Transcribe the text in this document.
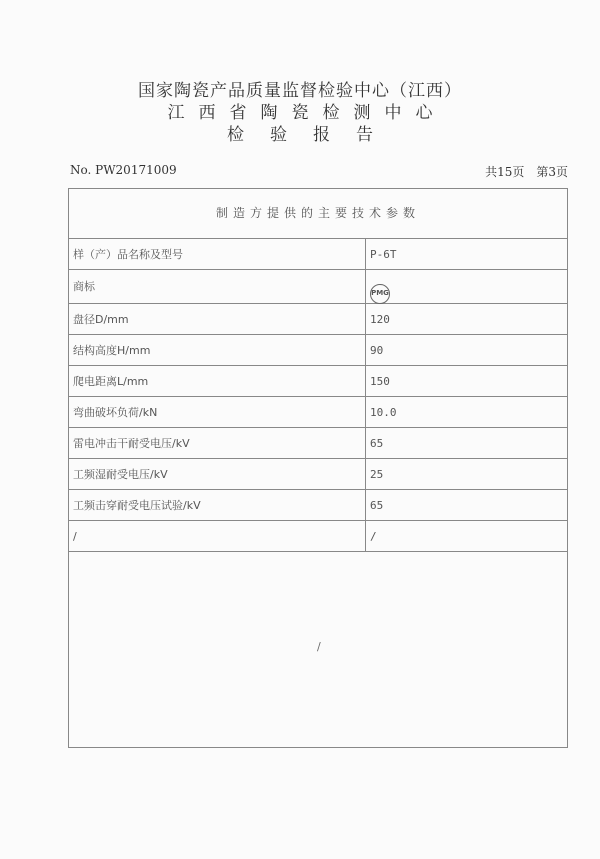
国家陶瓷产品质量监督检验中心（江西）
江西省陶瓷检测中心
检验报告
No. PW20171009	共15页 第3页
制造方提供的主要技术参数
样（产）品名称及型号	P-6T
商标	PMG
盘径D/mm	120
结构高度H/mm	90
爬电距离L/mm	150
弯曲破坏负荷/kN	10.0
雷电冲击干耐受电压/kV	65
工频湿耐受电压/kV	25
工频击穿耐受电压试验/kV	65
/	/
/
